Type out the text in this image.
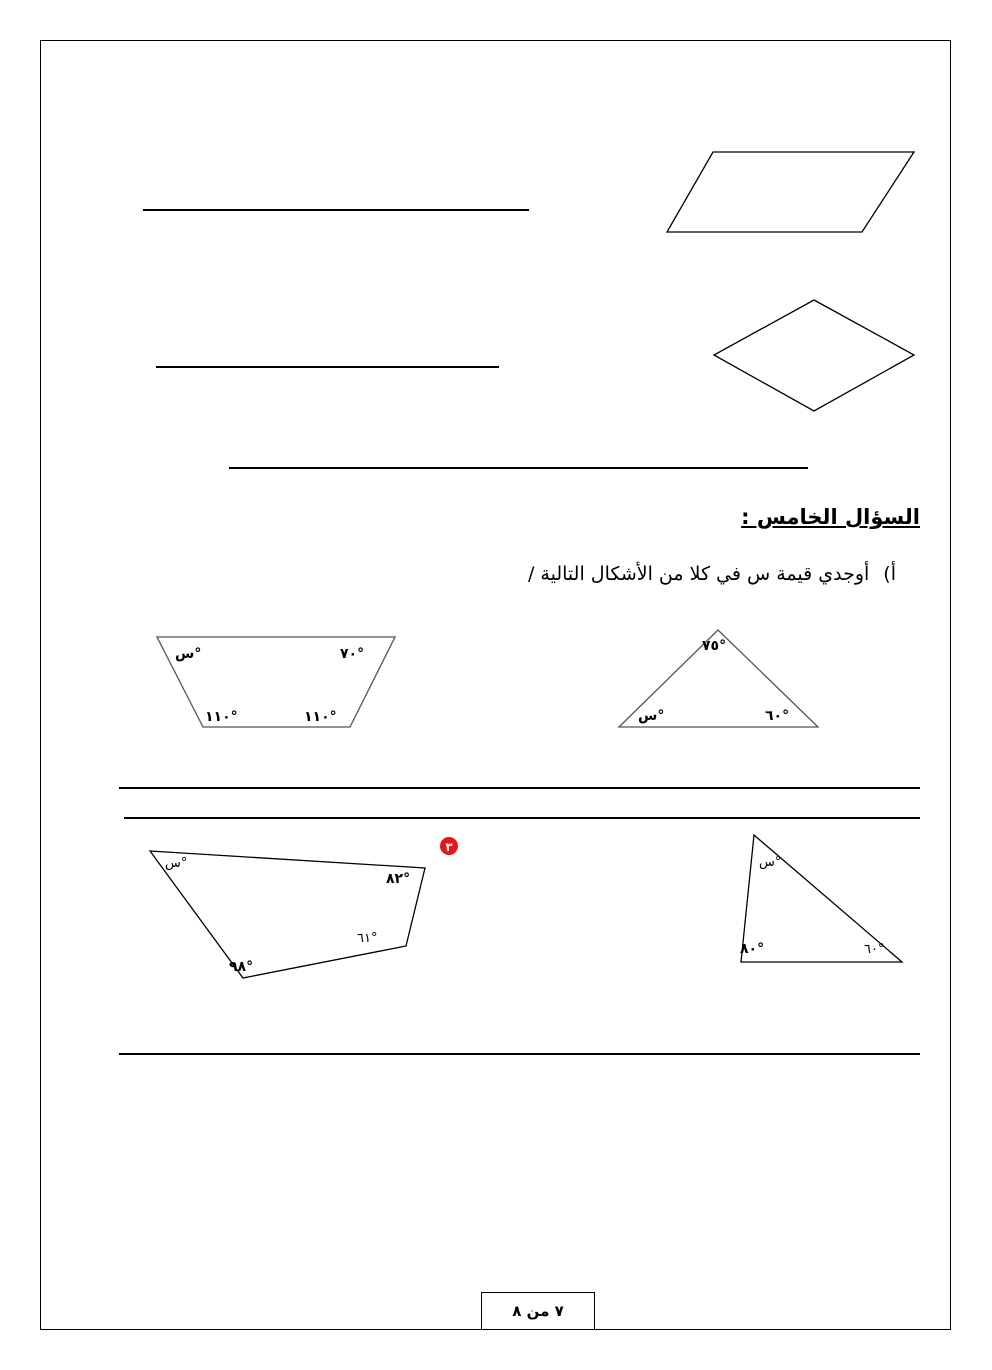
س°	٧٠°
١١٠°	١١٠°
٧٥°
س°	٦٠°
س°
٨٢°
٦١°
٩٨°
٣
س°
٨٠°	٦٠°
السؤال الخامس :
أ)أوجدي قيمة س في كلا من الأشكال التالية /
٧ من ٨
